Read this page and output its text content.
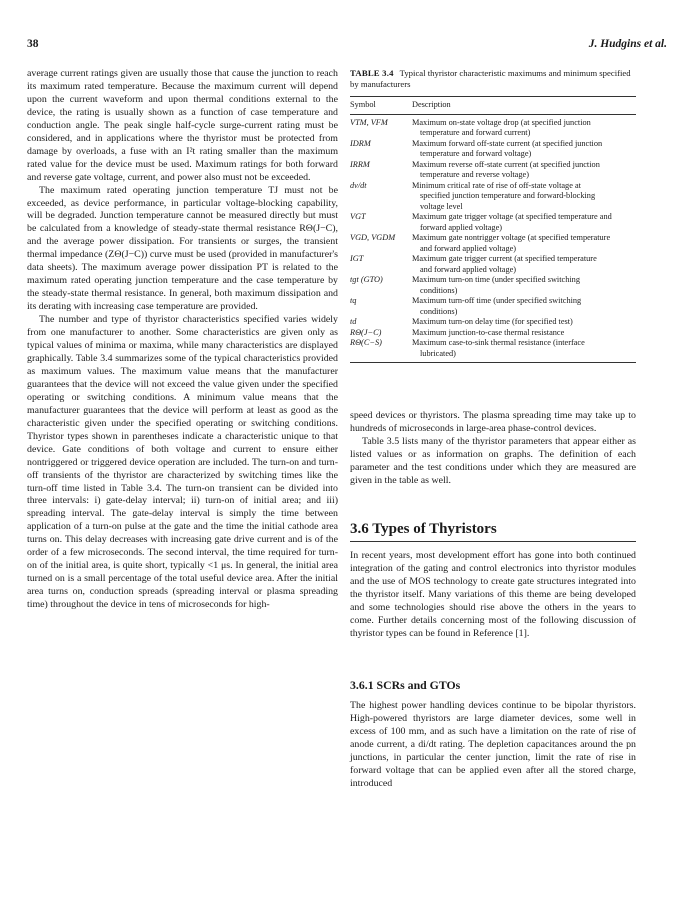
38	J. Hudgins et al.

average current ratings given are usually those that cause the junction to reach its maximum rated temperature. Because the maximum current will depend upon the current waveform and upon thermal conditions external to the device, the rating is usually shown as a function of case temperature and conduction angle. The peak single half-cycle surge-current rating must be considered, and in applications where the thyristor must be protected from damage by overloads, a fuse with an I²t rating smaller than the maximum rated value for the device must be used. Maximum ratings for both forward and reverse gate voltage, current, and power also must not be exceeded.

The maximum rated operating junction temperature TJ must not be exceeded, as device performance, in particular voltage-blocking capability, will be degraded. Junction temperature cannot be measured directly but must be calculated from a knowledge of steady-state thermal resistance RΘ(J−C), and the average power dissipation. For transients or surges, the transient thermal impedance (ZΘ(J−C)) curve must be used (provided in manufacturer's data sheets). The maximum average power dissipation PT is related to the maximum rated operating junction temperature and the case temperature by the steady-state thermal resistance. In general, both maximum dissipation and its derating with increasing case temperature are provided.

The number and type of thyristor characteristics specified varies widely from one manufacturer to another. Some characteristics are given only as typical values of minima or maxima, while many characteristics are displayed graphically. Table 3.4 summarizes some of the typical characteristics provided as maximum values. The maximum value means that the manufacturer guarantees that the device will not exceed the value given under the specified operating or switching conditions. A minimum value means that the manufacturer guarantees that the device will perform at least as good as the characteristic given under the specified operating or switching conditions. Thyristor types shown in parentheses indicate a characteristic unique to that device. Gate conditions of both voltage and current to ensure either nontriggered or triggered device operation are included. The turn-on and turn-off transients of the thyristor are characterized by switching times like the turn-off time listed in Table 3.4. The turn-on transient can be divided into three intervals: i) gate-delay interval; ii) turn-on of initial area; and iii) spreading interval. The gate-delay interval is simply the time between application of a turn-on pulse at the gate and the time the initial cathode area turns on. This delay decreases with increasing gate drive current and is of the order of a few microseconds. The second interval, the time required for turn-on of the initial area, is quite short, typically <1 μs. In general, the initial area turned on is a small percentage of the total useful device area. After the initial area turns on, conduction spreads (spreading interval or plasma spreading time) throughout the device in tens of microseconds for high-

TABLE 3.4 Typical thyristor characteristic maximums and minimum specified by manufacturers
Symbol	Description
VTM, VFM	Maximum on-state voltage drop (at specified junction
temperature and forward current)
IDRM	Maximum forward off-state current (at specified junction
temperature and forward voltage)
IRRM	Maximum reverse off-state current (at specified junction
temperature and reverse voltage)
dv/dt	Minimum critical rate of rise of off-state voltage at
specified junction temperature and forward-blocking
voltage level
VGT	Maximum gate trigger voltage (at specified temperature and
forward applied voltage)
VGD, VGDM	Maximum gate nontrigger voltage (at specified temperature
and forward applied voltage)
IGT	Maximum gate trigger current (at specified temperature
and forward applied voltage)
tgt (GTO)	Maximum turn-on time (under specified switching
conditions)
tq	Maximum turn-off time (under specified switching
conditions)
td	Maximum turn-on delay time (for specified test)
RΘ(J−C)	Maximum junction-to-case thermal resistance
RΘ(C−S)	Maximum case-to-sink thermal resistance (interface
lubricated)

speed devices or thyristors. The plasma spreading time may take up to hundreds of microseconds in large-area phase-control devices.

Table 3.5 lists many of the thyristor parameters that appear either as listed values or as information on graphs. The definition of each parameter and the test conditions under which they are measured are given in the table as well.

3.6 Types of Thyristors

In recent years, most development effort has gone into both continued integration of the gating and control electronics into thyristor modules and the use of MOS technology to create gate structures integrated into the thyristor itself. Many variations of this theme are being developed and some technologies should rise above the others in the years to come. Further details concerning most of the following discussion of thyristor types can be found in Reference [1].

3.6.1 SCRs and GTOs

The highest power handling devices continue to be bipolar thyristors. High-powered thyristors are large diameter devices, some well in excess of 100 mm, and as such have a limitation on the rate of rise of anode current, a di/dt rating. The depletion capacitances around the pn junctions, in particular the center junction, limit the rate of rise in forward voltage that can be applied even after all the stored charge, introduced
